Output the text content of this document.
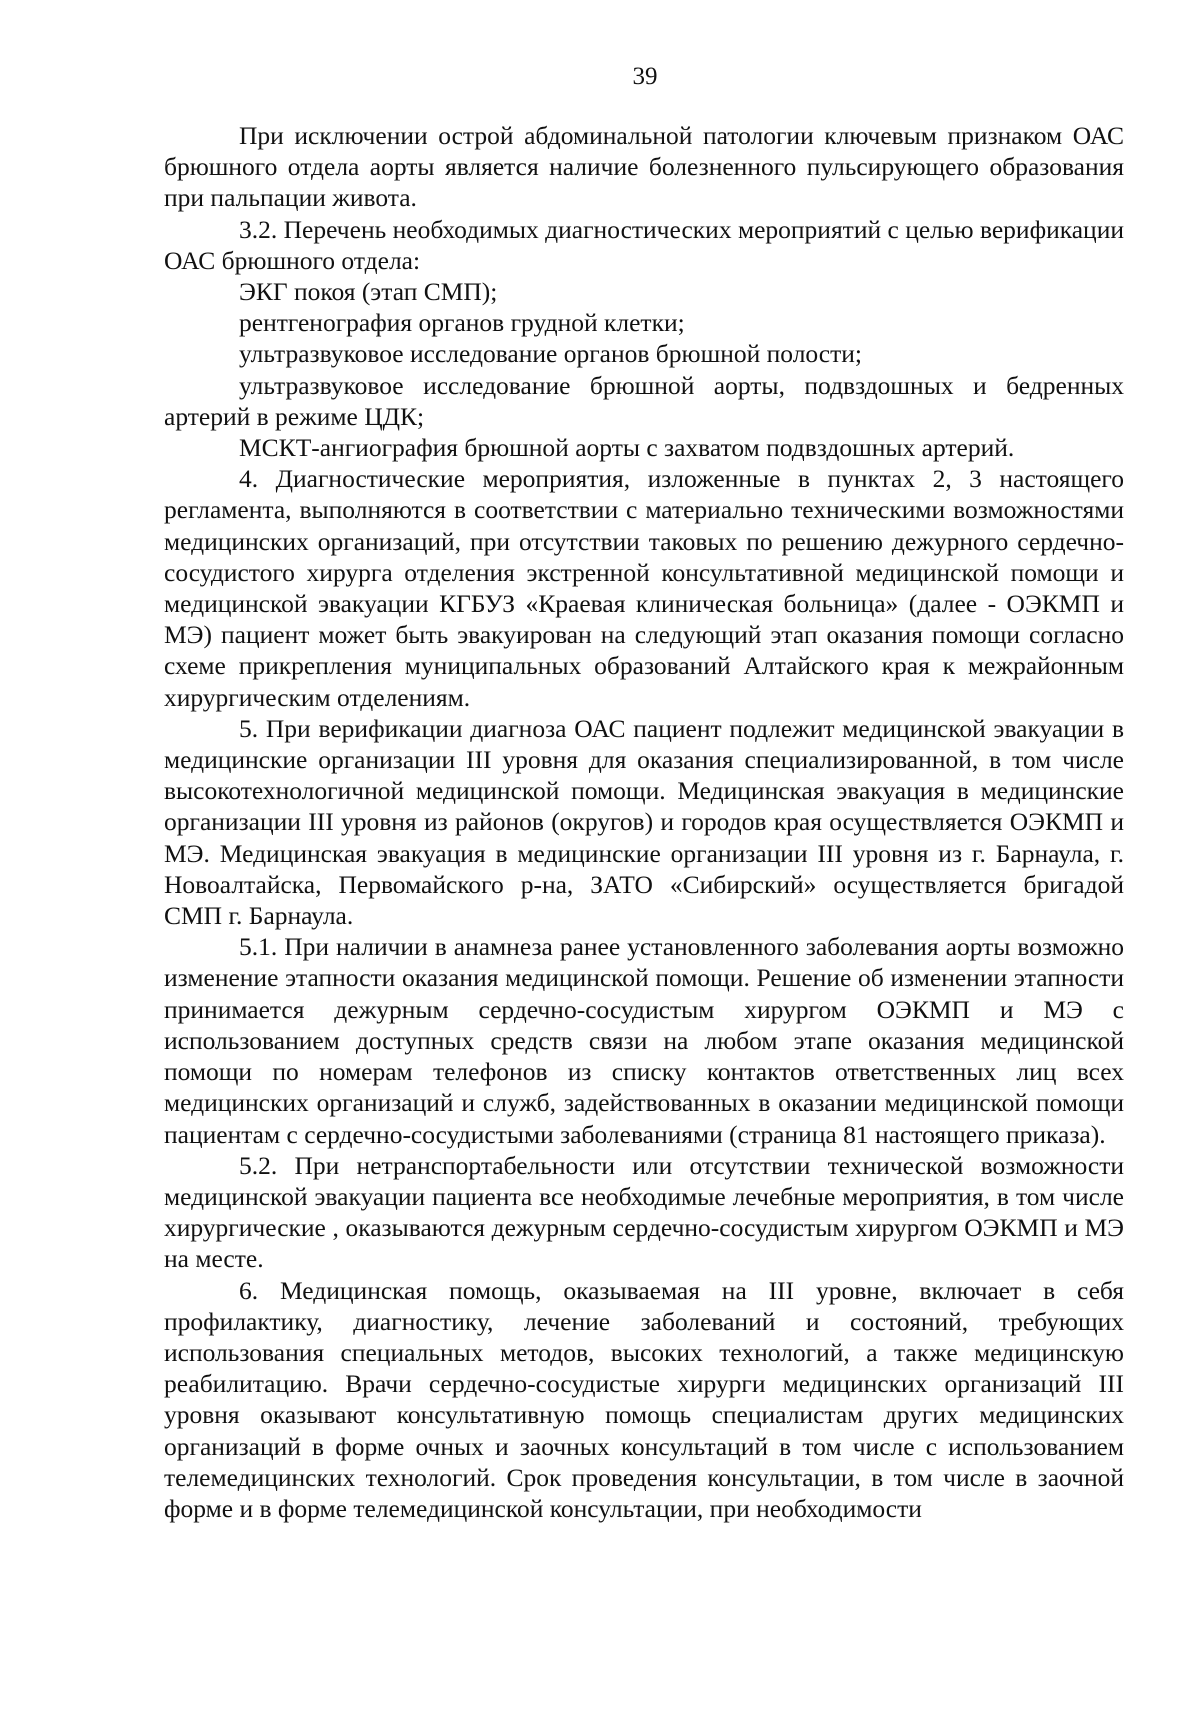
39

При исключении острой абдоминальной патологии ключевым признаком ОАС брюшного отдела аорты является наличие болезненного пульсирующего образования при пальпации живота.

3.2. Перечень необходимых диагностических мероприятий с целью верификации ОАС брюшного отдела:

ЭКГ покоя (этап СМП);

рентгенография органов грудной клетки;

ультразвуковое исследование органов брюшной полости;

ультразвуковое исследование брюшной аорты, подвздошных и бедренных артерий в режиме ЦДК;

МСКТ-ангиография брюшной аорты с захватом подвздошных артерий.

4. Диагностические мероприятия, изложенные в пунктах 2, 3 настоящего регламента, выполняются в соответствии с материально техническими возможностями медицинских организаций, при отсутствии таковых по решению дежурного сердечно-сосудистого хирурга отделения экстренной консультативной медицинской помощи и медицинской эвакуации КГБУЗ «Краевая клиническая больница» (далее - ОЭКМП и МЭ) пациент может быть эвакуирован на следующий этап оказания помощи согласно схеме прикрепления муниципальных образований Алтайского края к межрайонным хирургическим отделениям.

5. При верификации диагноза ОАС пациент подлежит медицинской эвакуации в медицинские организации III уровня для оказания специализированной, в том числе высокотехнологичной медицинской помощи. Медицинская эвакуация в медицинские организации III уровня из районов (округов) и городов края осуществляется ОЭКМП и МЭ. Медицинская эвакуация в медицинские организации III уровня из г. Барнаула, г. Новоалтайска, Первомайского р-на, ЗАТО «Сибирский» осуществляется бригадой СМП г. Барнаула.

5.1. При наличии в анамнеза ранее установленного заболевания аорты возможно изменение этапности оказания медицинской помощи. Решение об изменении этапности принимается дежурным сердечно-сосудистым хирургом ОЭКМП и МЭ с использованием доступных средств связи на любом этапе оказания медицинской помощи по номерам телефонов из списку контактов ответственных лиц всех медицинских организаций и служб, задействованных в оказании медицинской помощи пациентам с сердечно-сосудистыми заболеваниями (страница 81 настоящего приказа).

5.2. При нетранспортабельности или отсутствии технической возможности медицинской эвакуации пациента все необходимые лечебные мероприятия, в том числе хирургические , оказываются дежурным сердечно-сосудистым хирургом ОЭКМП и МЭ на месте.

6. Медицинская помощь, оказываемая на III уровне, включает в себя профилактику, диагностику, лечение заболеваний и состояний, требующих использования специальных методов, высоких технологий, а также медицинскую реабилитацию. Врачи сердечно-сосудистые хирурги медицинских организаций III уровня оказывают консультативную помощь специалистам других медицинских организаций в форме очных и заочных консультаций в том числе с использованием телемедицинских технологий. Срок проведения консультации, в том числе в заочной форме и в форме телемедицинской консультации, при необходимости
